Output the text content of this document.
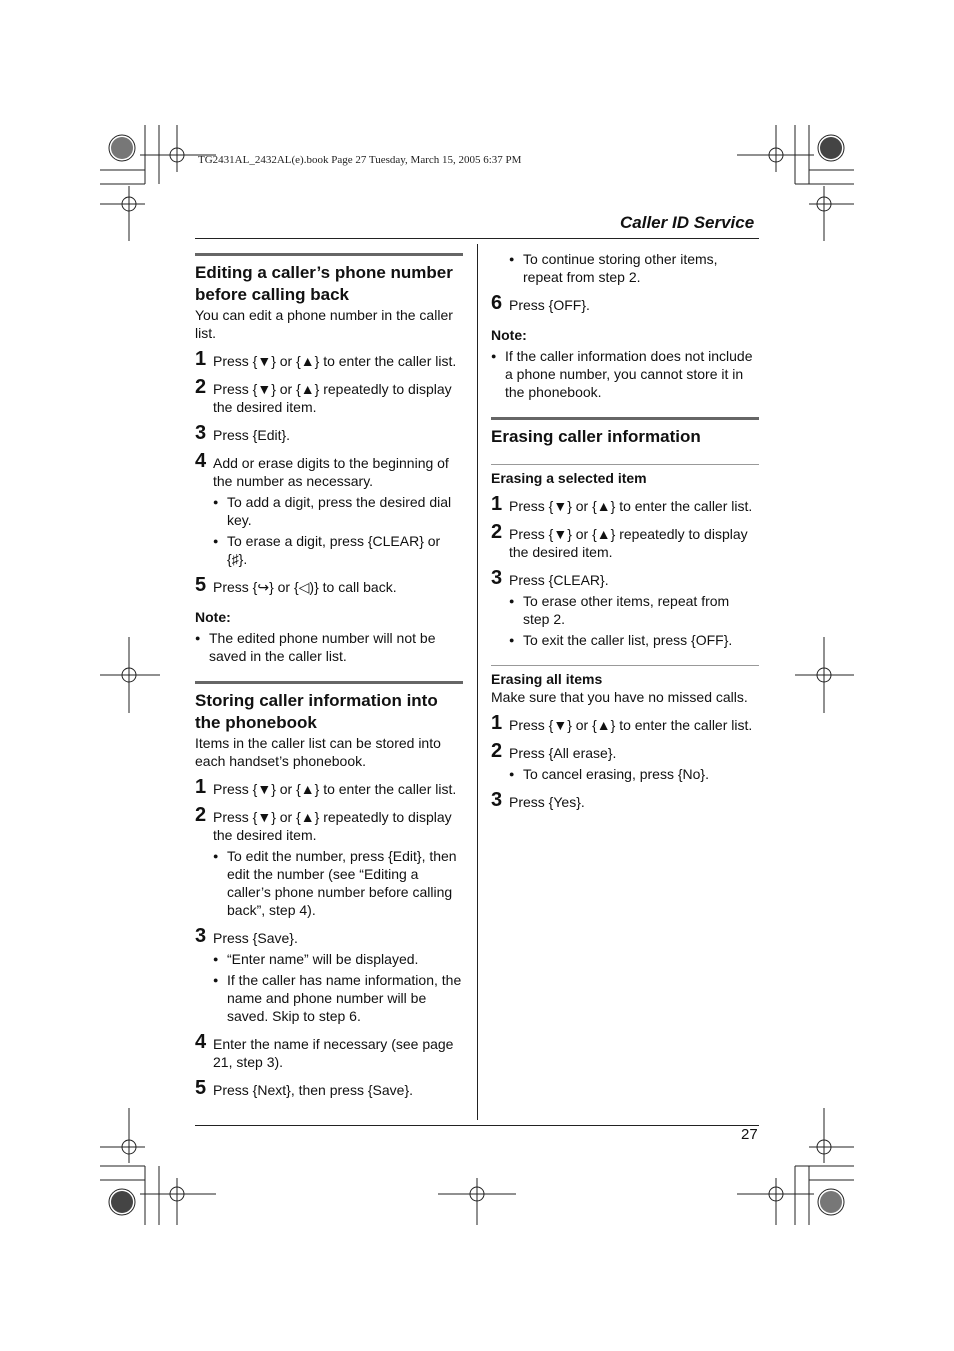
TG2431AL_2432AL(e).book Page 27 Tuesday, March 15, 2005 6:37 PM
Caller ID Service
27
Editing a caller’s phone number before calling back

You can edit a phone number in the caller list.

1 Press {▼} or {▲} to enter the caller list.
2 Press {▼} or {▲} repeatedly to display the desired item.
3 Press {Edit}.
4 Add or erase digits to the beginning of the number as necessary.
● To add a digit, press the desired dial key.
● To erase a digit, press {CLEAR} or {♯}.
5 Press {↪} or {◁)} to call back.
Note:
● The edited phone number will not be saved in the caller list.
Storing caller information into the phonebook

Items in the caller list can be stored into each handset’s phonebook.

1 Press {▼} or {▲} to enter the caller list.
2 Press {▼} or {▲} repeatedly to display the desired item.
● To edit the number, press {Edit}, then edit the number (see “Editing a caller’s phone number before calling back”, step 4).
3 Press {Save}.
● “Enter name” will be displayed.
● If the caller has name information, the name and phone number will be saved. Skip to step 6.
4 Enter the name if necessary (see page 21, step 3).
5 Press {Next}, then press {Save}.
● To continue storing other items, repeat from step 2.
6 Press {OFF}.
Note:
● If the caller information does not include a phone number, you cannot store it in the phonebook.
Erasing caller information
Erasing a selected item
1 Press {▼} or {▲} to enter the caller list.
2 Press {▼} or {▲} repeatedly to display the desired item.
3 Press {CLEAR}.
● To erase other items, repeat from step 2.
● To exit the caller list, press {OFF}.
Erasing all items

Make sure that you have no missed calls.

1 Press {▼} or {▲} to enter the caller list.
2 Press {All erase}.
● To cancel erasing, press {No}.
3 Press {Yes}.
